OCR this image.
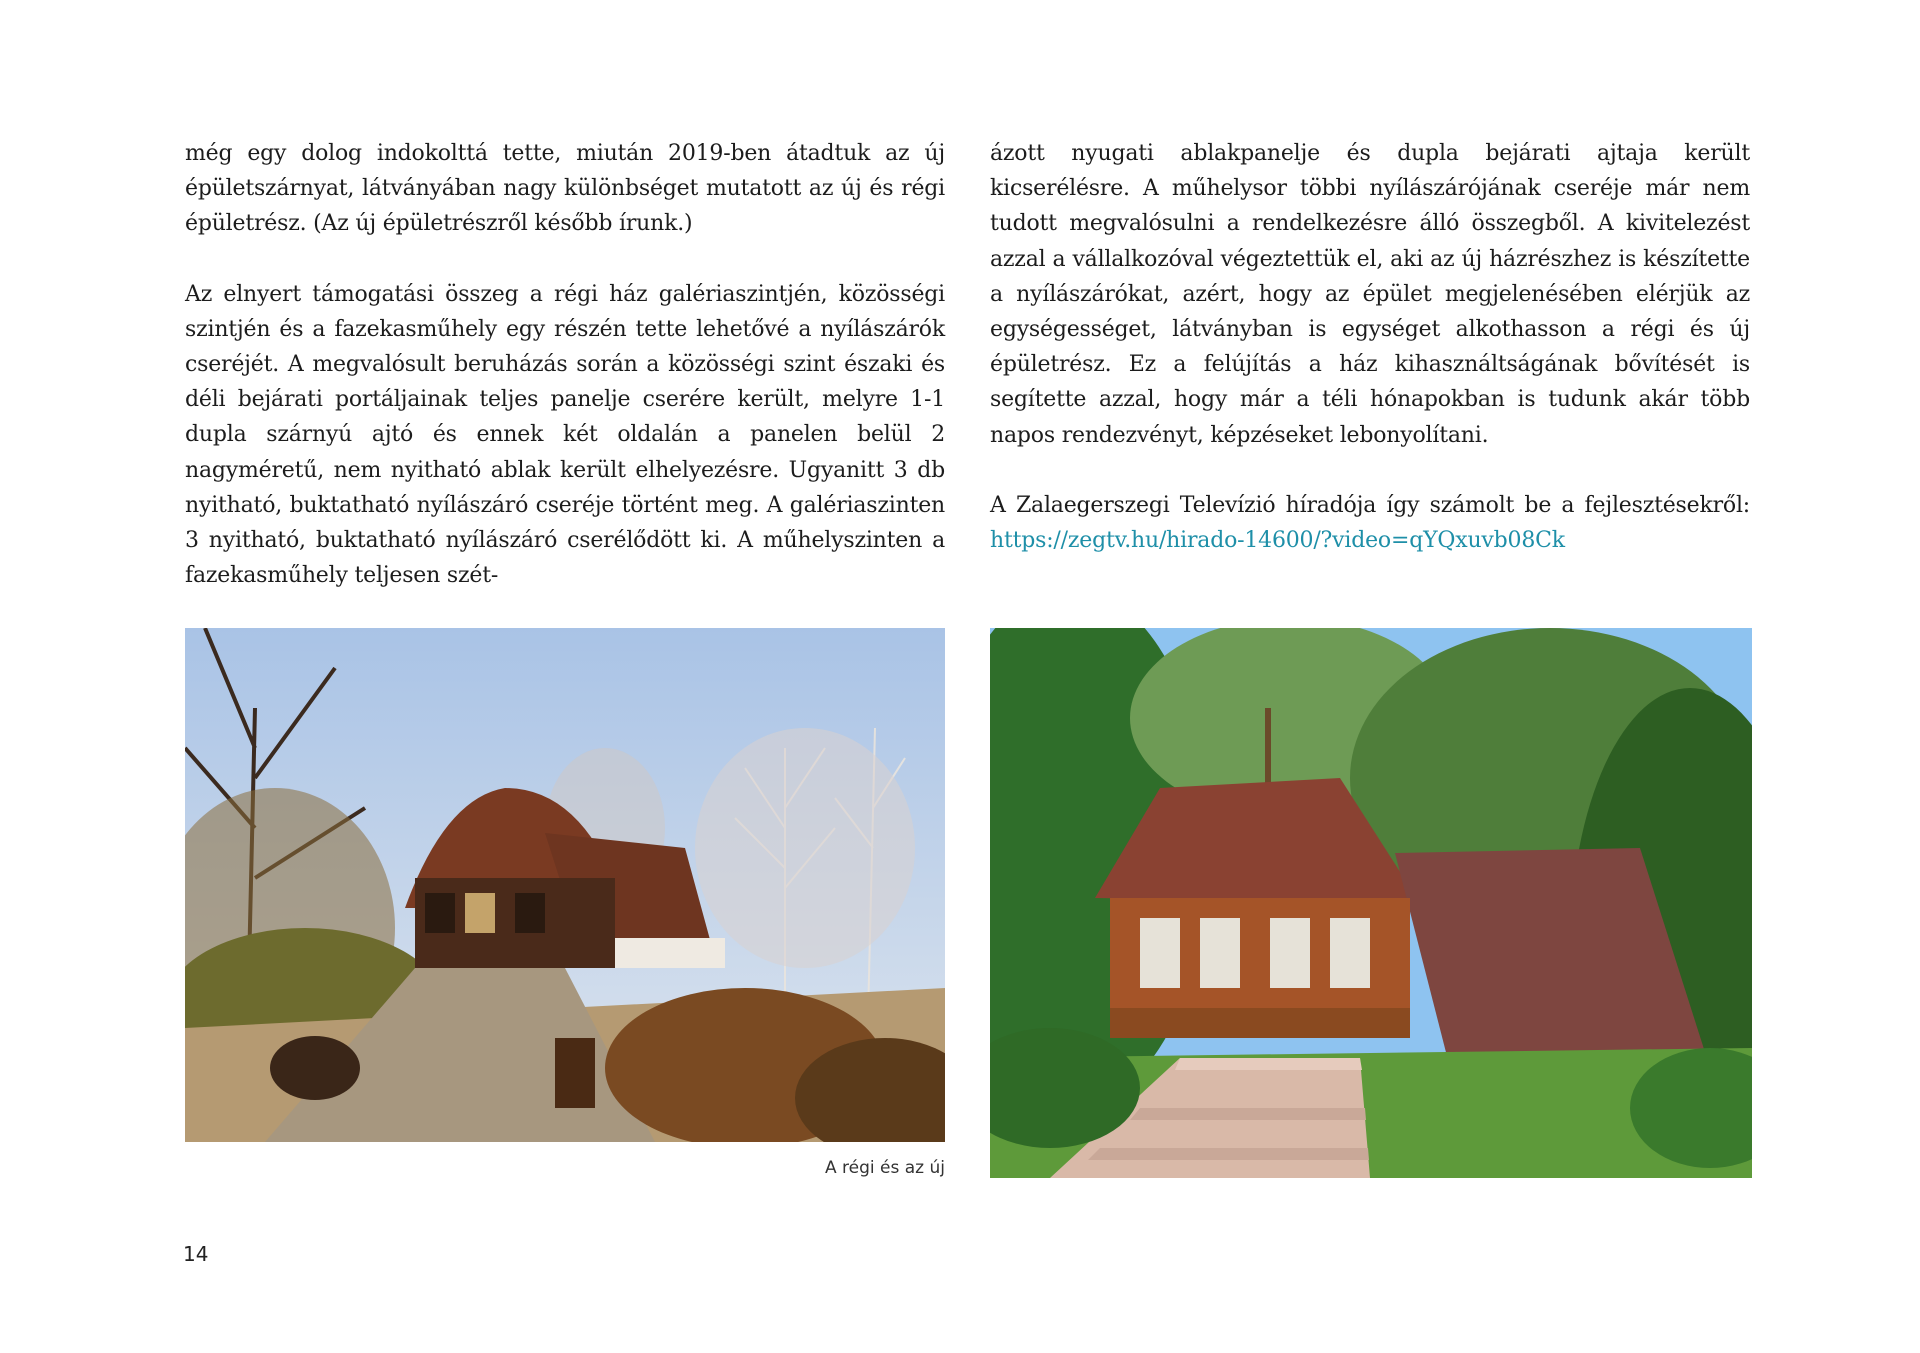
még egy dolog indokolttá tette, miután 2019-ben átadtuk az új épületszárnyat, látványában nagy különbséget mutatott az új és régi épületrész. (Az új épületrészről később írunk.)

Az elnyert támogatási összeg a régi ház galériaszintjén, közösségi szintjén és a fazekasműhely egy részén tette lehetővé a nyílászárók cseréjét. A megvalósult beruházás során a közösségi szint északi és déli bejárati portáljainak teljes panelje cserére került, melyre 1-1 dupla szárnyú ajtó és ennek két oldalán a panelen belül 2 nagyméretű, nem nyitható ablak került elhelyezésre. Ugyanitt 3 db nyitható, buktatható nyílászáró cseréje történt meg. A galériaszinten 3 nyitható, buktatható nyílászáró cserélődött ki. A műhelyszinten a fazekasműhely teljesen szét-

ázott nyugati ablakpanelje és dupla bejárati ajtaja került kicserélésre. A műhelysor többi nyílászárójának cseréje már nem tudott megvalósulni a rendelkezésre álló összegből. A kivitelezést azzal a vállalkozóval végeztettük el, aki az új házrészhez is készítette a nyílászárókat, azért, hogy az épület megjelenésében elérjük az egységességet, látványban is egységet alkothasson a régi és új épületrész. Ez a felújítás a ház kihasználtságának bővítését is segítette azzal, hogy már a téli hónapokban is tudunk akár több napos rendezvényt, képzéseket lebonyolítani.

A Zalaegerszegi Televízió híradója így számolt be a fejlesztésekről: https://zegtv.hu/hirado-14600/?video=qYQxuvb08Ck

A régi és az új
14
